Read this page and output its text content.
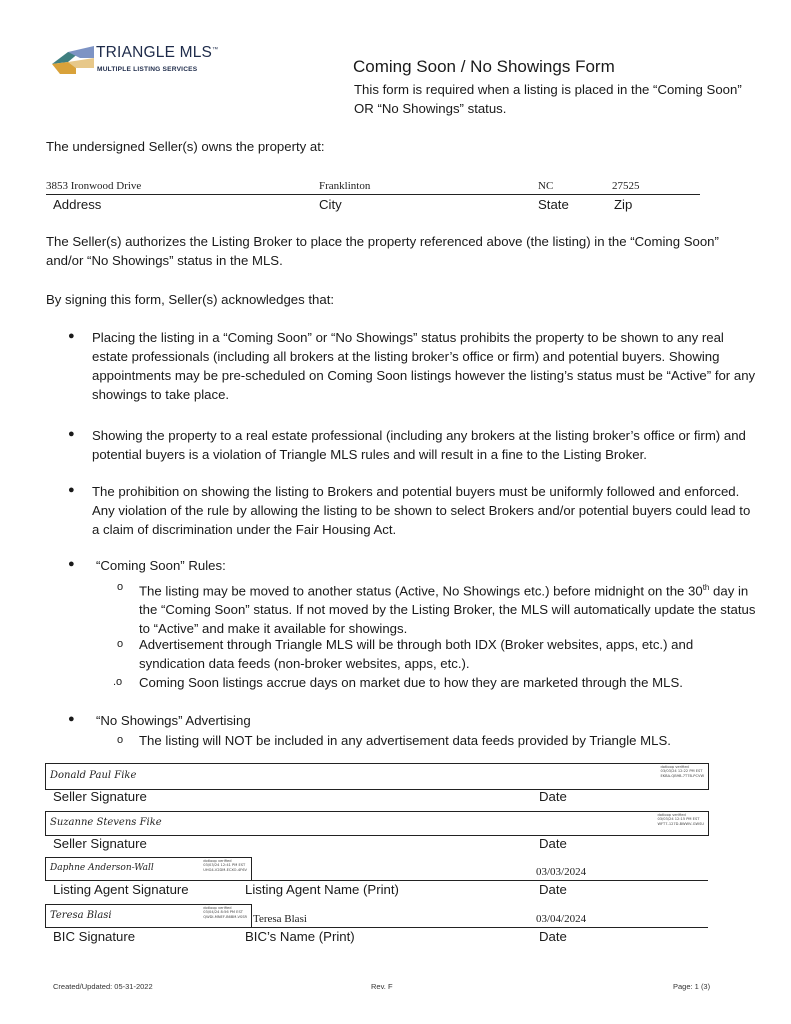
TRIANGLE MLS™
MULTIPLE LISTING SERVICES	Coming Soon / No Showings Form
This form is required when a listing is placed in the “Coming Soon” OR “No Showings” status.
The undersigned Seller(s) owns the property at:
3853 Ironwood Drive	Franklinton	NC	27525
Address	City	State	Zip
The Seller(s) authorizes the Listing Broker to place the property referenced above (the listing) in the “Coming Soon” and/or “No Showings” status in the MLS.
By signing this form, Seller(s) acknowledges that:
● Placing the listing in a “Coming Soon” or “No Showings” status prohibits the property to be shown to any real estate professionals (including all brokers at the listing broker’s office or firm) and potential buyers. Showing appointments may be pre-scheduled on Coming Soon listings however the listing’s status must be “Active” for any showings to take place.
● Showing the property to a real estate professional (including any brokers at the listing broker’s office or firm) and potential buyers is a violation of Triangle MLS rules and will result in a fine to the Listing Broker.
● The prohibition on showing the listing to Brokers and potential buyers must be uniformly followed and enforced. Any violation of the rule by allowing the listing to be shown to select Brokers and/or potential buyers could lead to a claim of discrimination under the Fair Housing Act.
● “Coming Soon” Rules:
o The listing may be moved to another status (Active, No Showings etc.) before midnight on the 30th day in the “Coming Soon” status. If not moved by the Listing Broker, the MLS will automatically update the status to “Active” and make it available for showings.
o Advertisement through Triangle MLS will be through both IDX (Broker websites, apps, etc.) and syndication data feeds (non-broker websites, apps, etc.).
.o Coming Soon listings accrue days on market due to how they are marketed through the MLS.
● “No Showings” Advertising
o The listing will NOT be included in any advertisement data feeds provided by Triangle MLS.
Donald Paul Fike
dotloop verified
03/03/24 12:22 PM EST
EKBA-QB9B-7T7B-PCVW
Seller Signature	Date
Suzanne Stevens Fike
dotloop verified
03/03/24 12:15 PM EST
WFT7-127D-BWWV-GWSU
Seller Signature	Date
Daphne Anderson-Wall
dotloop verified
03/03/24 12:41 PM EST
UHG4-V2DM-ECXO-4F6V	03/03/2024
Listing Agent Signature	Listing Agent Name (Print)	Date
Teresa Blasi
dotloop verified
03/04/24 8:56 PM EST
QWDI-MNEF-B6BM-VSSR Teresa Blasi	03/04/2024
BIC Signature	BIC’s Name (Print)	Date
Created/Updated: 05-31-2022	Rev. F	Page: 1 (3)
